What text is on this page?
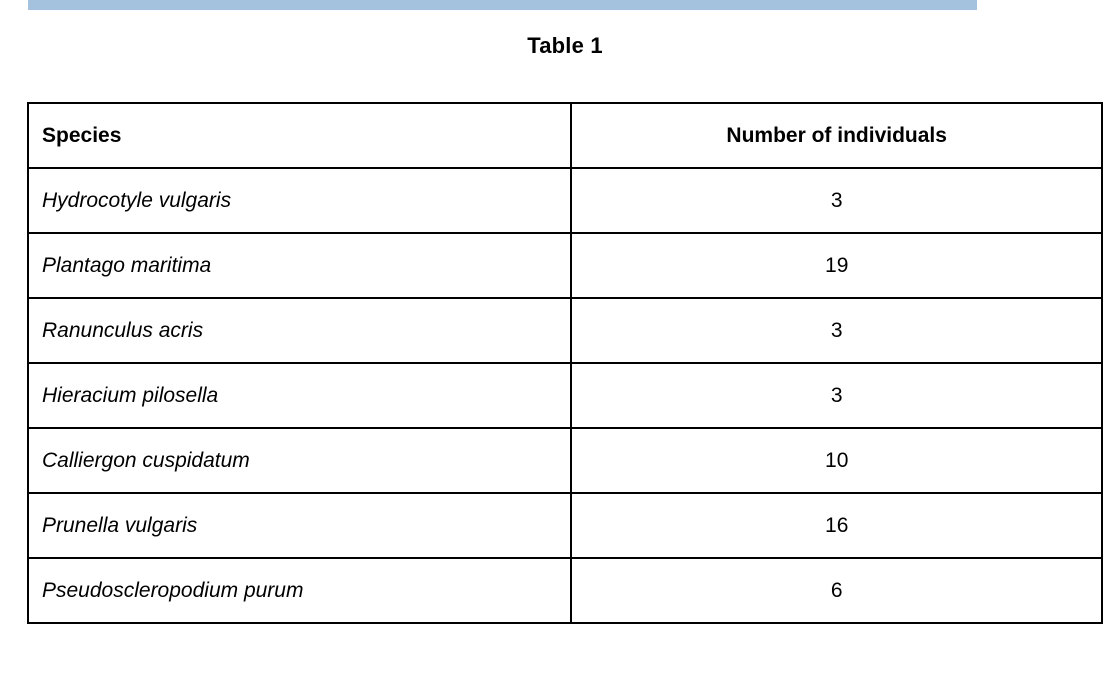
Table 1
Species	Number of individuals
Hydrocotyle vulgaris	3
Plantago maritima	19
Ranunculus acris	3
Hieracium pilosella	3
Calliergon cuspidatum	10
Prunella vulgaris	16
Pseudoscleropodium purum	6
